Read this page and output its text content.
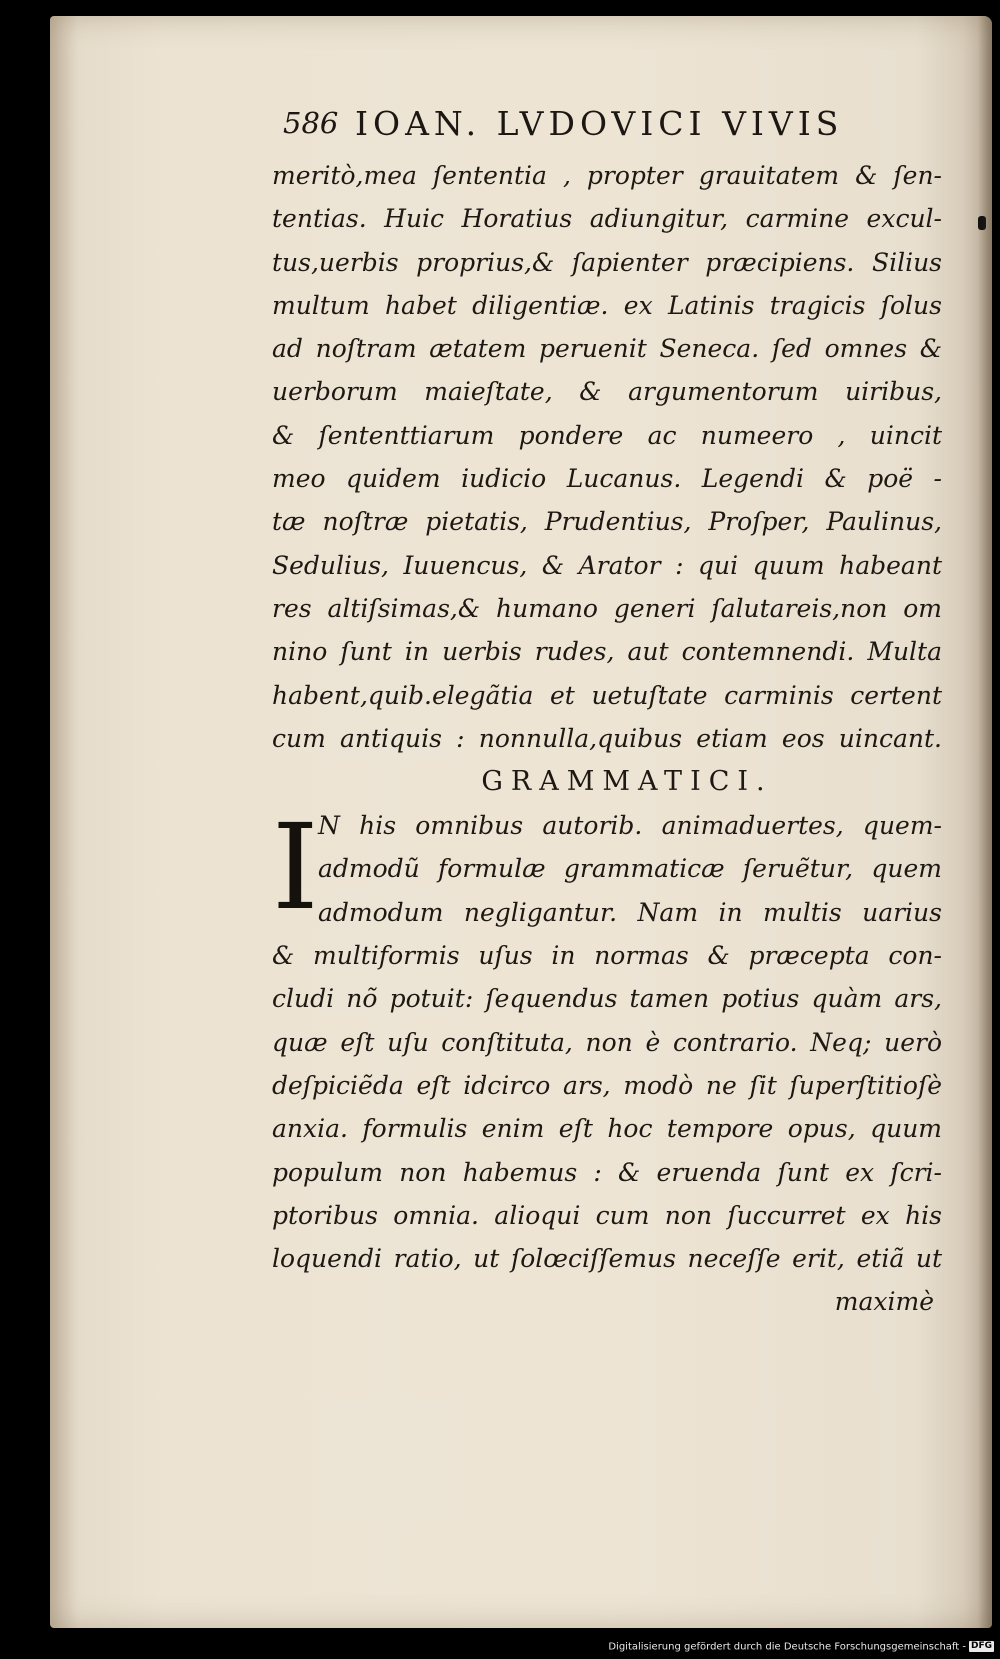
586 IOAN. LVDOVICI VIVIS
meritò,mea ſententia , propter grauitatem & ſen-
tentias. Huic Horatius adiungitur, carmine excul-
tus,uerbis proprius,& ſapienter præcipiens. Silius
multum habet diligentiæ. ex Latinis tragicis ſolus
ad noſtram ætatem peruenit Seneca. ſed omnes &
uerborum maieſtate, & argumentorum uiribus,
& ſententtiarum pondere ac numeero , uincit
meo quidem iudicio Lucanus. Legendi & poë -
tæ noſtræ pietatis, Prudentius, Proſper, Paulinus,
Sedulius, Iuuencus, & Arator : qui quum habeant
res altiſsimas,& humano generi ſalutareis,non om
nino ſunt in uerbis rudes, aut contemnendi. Multa
habent,quib.elegãtia et uetuſtate carminis certent
cum antiquis : nonnulla,quibus etiam eos uincant.
GRAMMATICI.
I N his omnibus autorib. animaduertes, quem-
admodũ formulæ grammaticæ ſeruẽtur, quem
admodum negligantur. Nam in multis uarius
& multiformis uſus in normas & præcepta con-
cludi nõ potuit: ſequendus tamen potius quàm ars,
quæ eſt uſu conſtituta, non è contrario. Neq; uerò
deſpiciẽda eſt idcirco ars, modò ne ſit ſuperſtitioſè
anxia. formulis enim eſt hoc tempore opus, quum
populum non habemus : & eruenda ſunt ex ſcri-
ptoribus omnia. alioqui cum non ſuccurret ex his
loquendi ratio, ut ſolœciſſemus neceſſe erit, etiã ut
maximè
Digitalisierung gefördert durch die Deutsche Forschungsgemeinschaft - DFG
